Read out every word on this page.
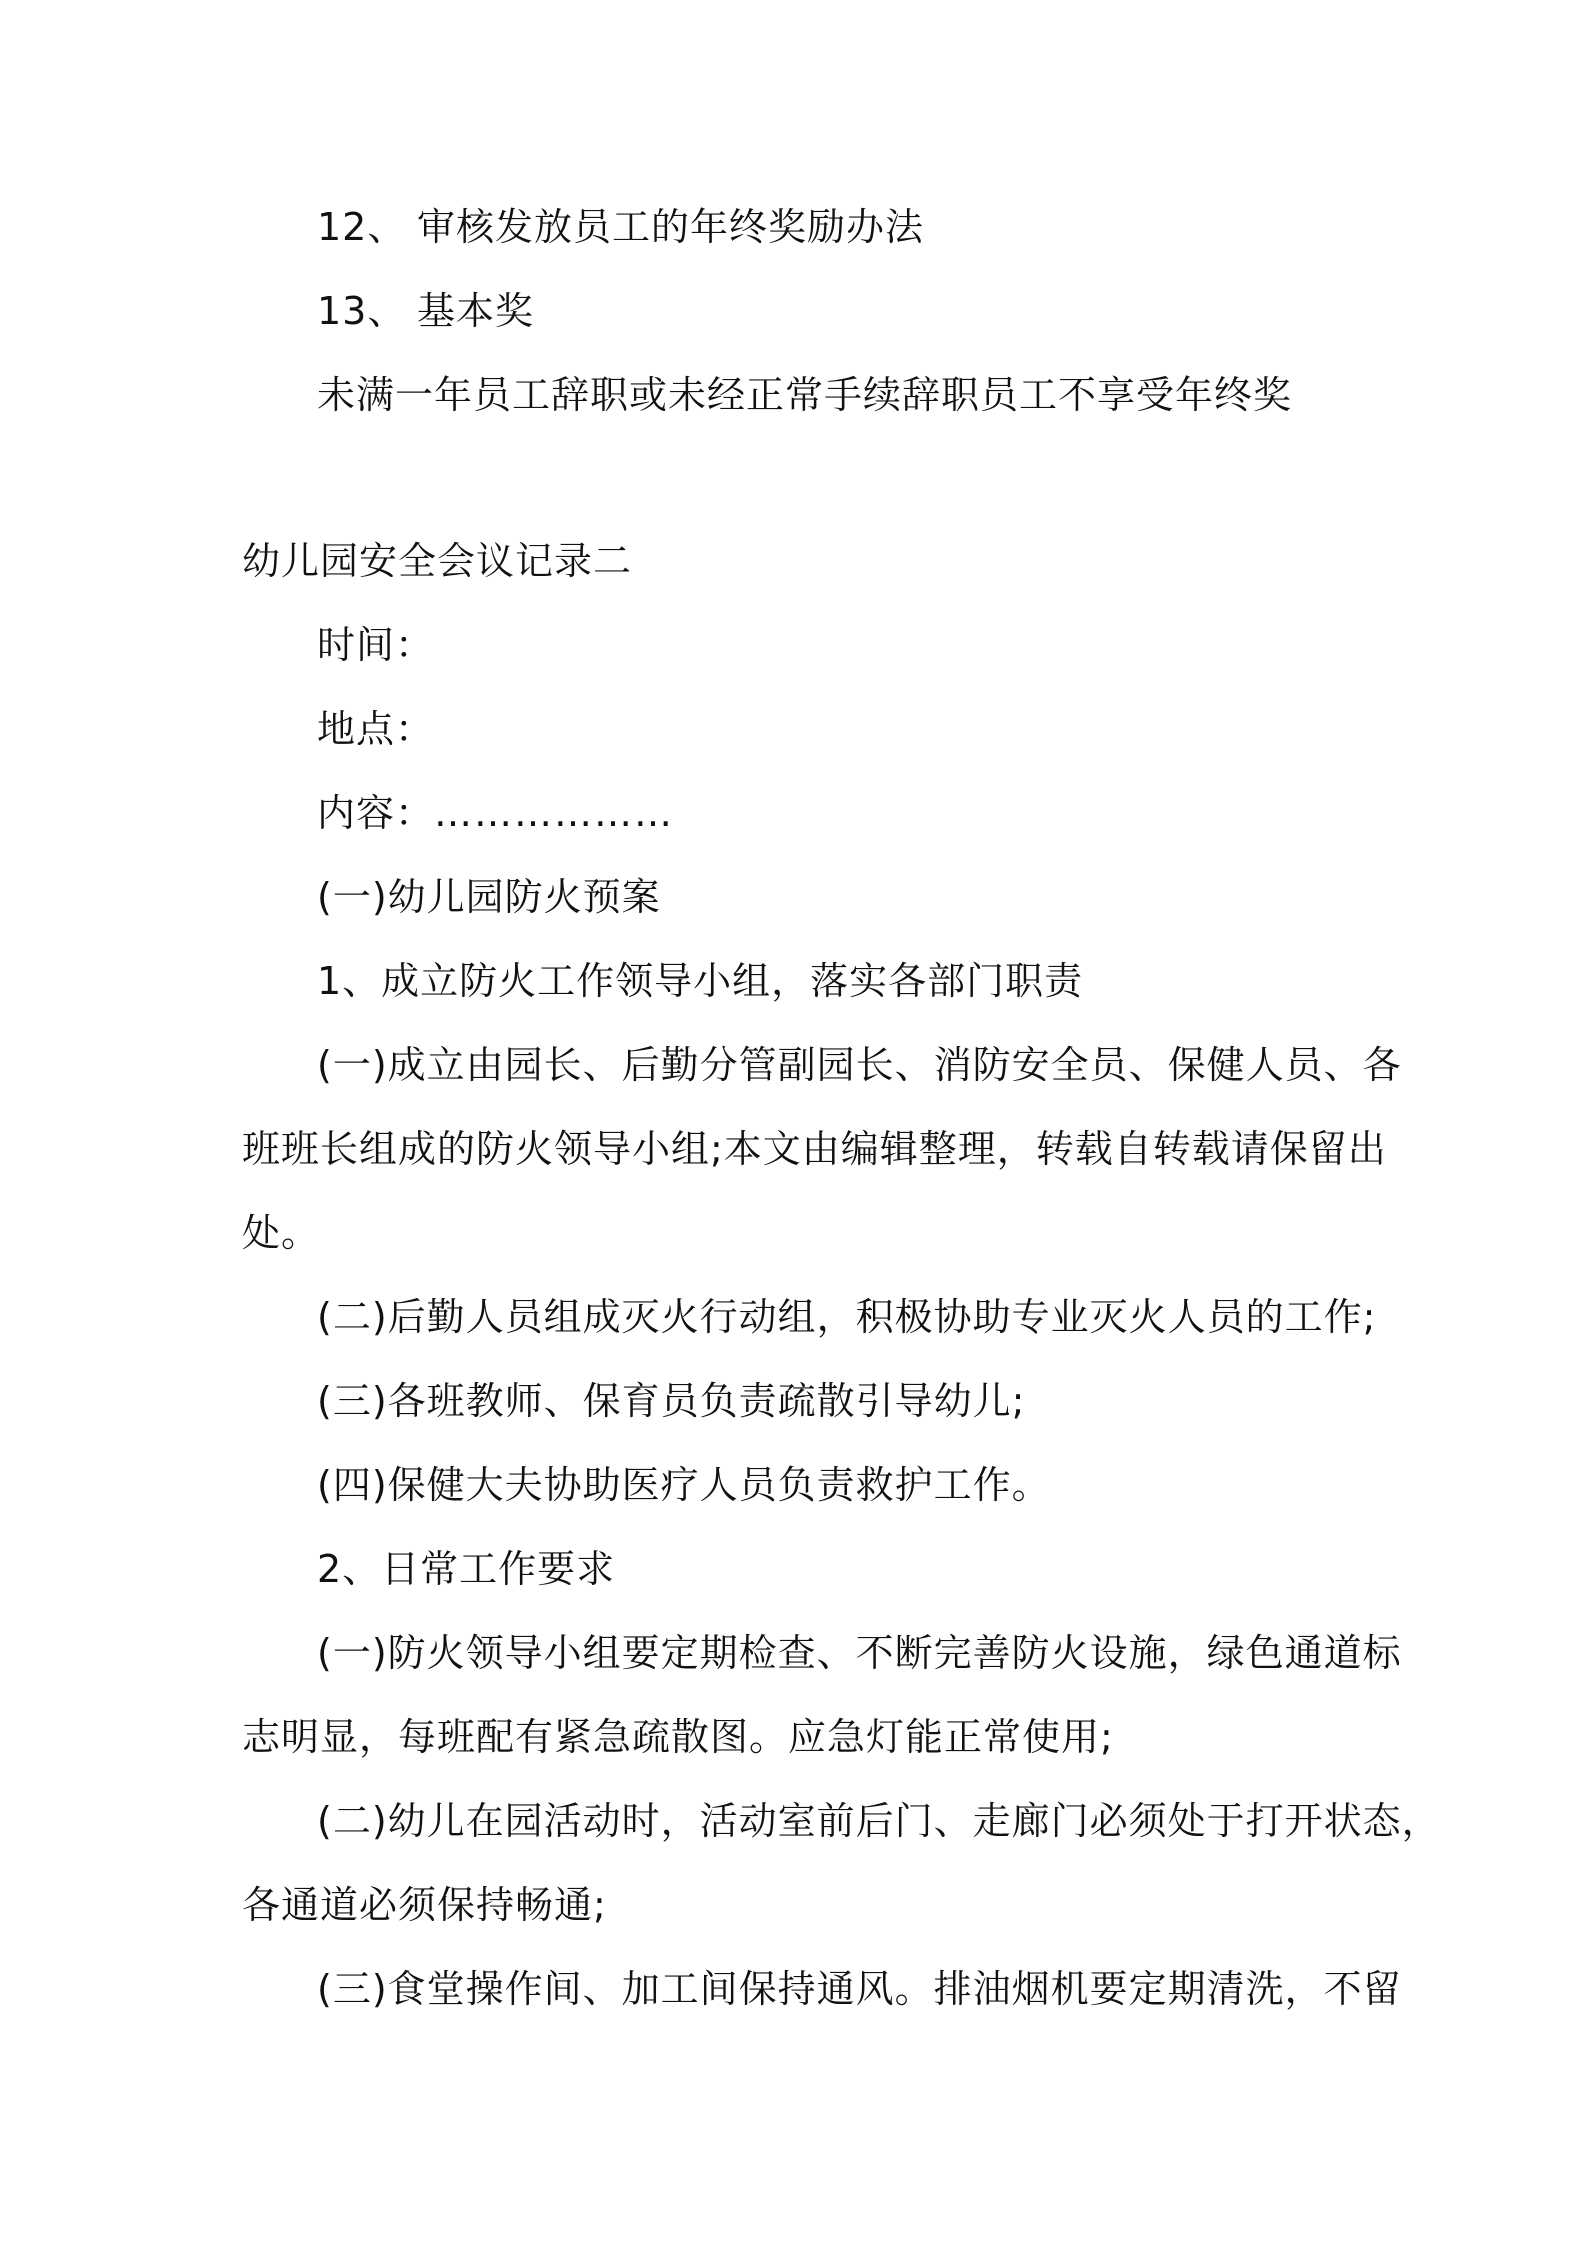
12、 审核发放员工的年终奖励办法
13、 基本奖
未满一年员工辞职或未经正常手续辞职员工不享受年终奖
幼儿园安全会议记录二
时间：
地点：
内容：………………
(一)幼儿园防火预案
1、成立防火工作领导小组，落实各部门职责
(一)成立由园长、后勤分管副园长、消防安全员、保健人员、各
班班长组成的防火领导小组;本文由编辑整理，转载自转载请保留出
处。
(二)后勤人员组成灭火行动组，积极协助专业灭火人员的工作;
(三)各班教师、保育员负责疏散引导幼儿;
(四)保健大夫协助医疗人员负责救护工作。
2、日常工作要求
(一)防火领导小组要定期检查、不断完善防火设施，绿色通道标
志明显，每班配有紧急疏散图。应急灯能正常使用;
(二)幼儿在园活动时，活动室前后门、走廊门必须处于打开状态，
各通道必须保持畅通;
(三)食堂操作间、加工间保持通风。排油烟机要定期清洗，不留
